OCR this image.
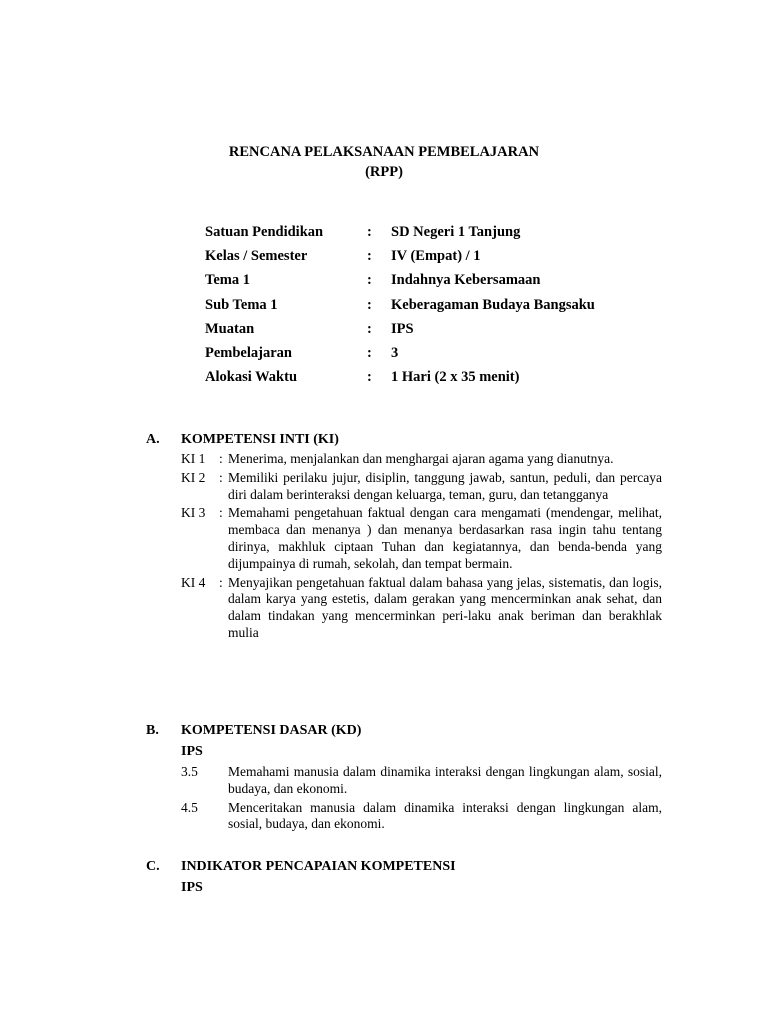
RENCANA PELAKSANAAN PEMBELAJARAN
(RPP)
Satuan Pendidikan	:	SD Negeri 1 Tanjung
Kelas / Semester	:	IV (Empat) / 1
Tema 1	:	Indahnya Kebersamaan
Sub Tema 1	:	Keberagaman Budaya Bangsaku
Muatan	:	IPS
Pembelajaran	:	3
Alokasi Waktu	:	1 Hari (2 x 35 menit)
A.	KOMPETENSI INTI (KI)
KI 1	: Menerima, menjalankan dan menghargai ajaran agama yang dianutnya.
KI 2	: Memiliki perilaku jujur, disiplin, tanggung jawab, santun, peduli, dan percaya diri dalam berinteraksi dengan keluarga, teman, guru, dan tetangganya
KI 3	: Memahami pengetahuan faktual dengan cara mengamati (mendengar, melihat, membaca dan menanya ) dan menanya berdasarkan rasa ingin tahu tentang dirinya, makhluk ciptaan Tuhan dan kegiatannya, dan benda-benda yang dijumpainya di rumah, sekolah, dan tempat bermain.
KI 4	: Menyajikan pengetahuan faktual dalam bahasa yang jelas, sistematis, dan logis, dalam karya yang estetis, dalam gerakan yang mencerminkan anak sehat, dan dalam tindakan yang mencerminkan peri-laku anak beriman dan berakhlak mulia
B.	KOMPETENSI DASAR (KD)
IPS
3.5	Memahami manusia dalam dinamika interaksi dengan lingkungan alam, sosial, budaya, dan ekonomi.
4.5	Menceritakan manusia dalam dinamika interaksi dengan lingkungan alam, sosial, budaya, dan ekonomi.
C.	INDIKATOR PENCAPAIAN KOMPETENSI
IPS
